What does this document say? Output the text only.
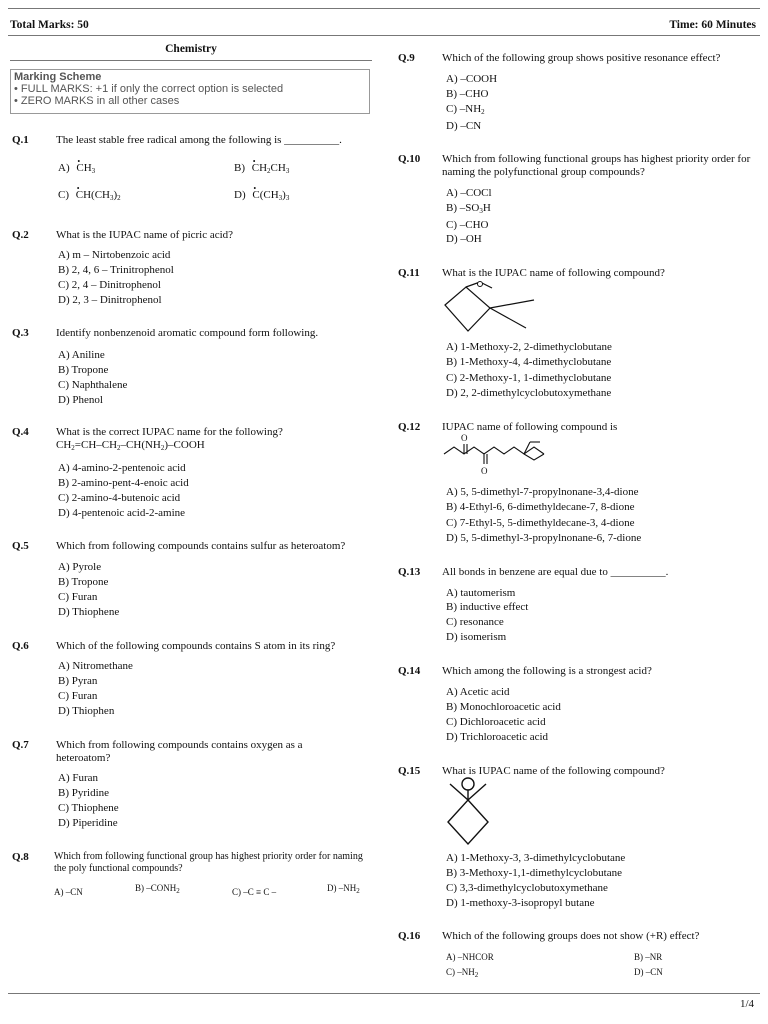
Total Marks: 50	Time: 60 Minutes
Chemistry
Marking Scheme
• FULL MARKS: +1 if only the correct option is selected
• ZERO MARKS in all other cases
Q.1 The least stable free radical among the following is __________.
A) • $CH_3$	B) • $CH_2CH_3$
C) • $CH(CH_3)_2$	D) • $C(CH_3)_3$
Q.2 What is the IUPAC name of picric acid?
A) m – Nirtobenzoic acid
B) 2, 4, 6 – Trinitrophenol
C) 2, 4 – Dinitrophenol
D) 2, 3 – Dinitrophenol
Q.3 Identify nonbenzenoid aromatic compound form following.
A) Aniline
B) Tropone
C) Naphthalene
D) Phenol
Q.4 What is the correct IUPAC name for the following?
$CH_2=CH-CH_2-CH(NH_2)$–COOH
A) 4-amino-2-pentenoic acid
B) 2-amino-pent-4-enoic acid
C) 2-amino-4-butenoic acid
D) 4-pentenoic acid-2-amine
Q.5 Which from following compounds contains sulfur as heteroatom?
A) Pyrole
B) Tropone
C) Furan
D) Thiophene
Q.6 Which of the following compounds contains S atom in its ring?
A) Nitromethane
B) Pyran
C) Furan
D) Thiophen
Q.7 Which from following compounds contains oxygen as a heteroatom?
A) Furan
B) Pyridine
C) Thiophene
D) Piperidine
Q.8	Which from following functional group has highest priority order for naming the poly functional compounds?
A) –CN	B) $-CONH_2$	C) –C ≡ C –	D) $-NH_2$
Q.9 Which of the following group shows positive resonance effect?
A) –COOH
B) –CHO
C) $-NH_2$
D) –CN
Q.10 Which from following functional groups has highest priority order for naming the polyfunctional group compounds?
A) –COCl
B) $-SO_3H$
C) –CHO
D) –OH
Q.11 What is the IUPAC name of following compound?
A) 1-Methoxy-2, 2-dimethyclobutane
B) 1-Methoxy-4, 4-dimethyclobutane
C) 2-Methoxy-1, 1-dimethyclobutane
D) 2, 2-dimethylcyclobutoxymethane
Q.12 IUPAC name of following compound is
O
O
A) 5, 5-dimethyl-7-propylnonane-3,4-dione
B) 4-Ethyl-6, 6-dimethyldecane-7, 8-dione
C) 7-Ethyl-5, 5-dimethyldecane-3, 4-dione
D) 5, 5-dimethyl-3-propylnonane-6, 7-dione
Q.13 All bonds in benzene are equal due to __________.
A) tautomerism
B) inductive effect
C) resonance
D) isomerism
Q.14 Which among the following is a strongest acid?
A) Acetic acid
B) Monochloroacetic acid
C) Dichloroacetic acid
D) Trichloroacetic acid
Q.15 What is IUPAC name of the following compound?
A) 1-Methoxy-3, 3-dimethylcyclobutane
B) 3-Methoxy-1,1-dimethylcyclobutane
C) 3,3-dimethylcyclobutoxymethane
D) 1-methoxy-3-isopropyl butane
Q.16 Which of the following groups does not show (+R) effect?
A) –NHCOR	B) –NR
C) $-NH_2$	D) –CN
1/4
